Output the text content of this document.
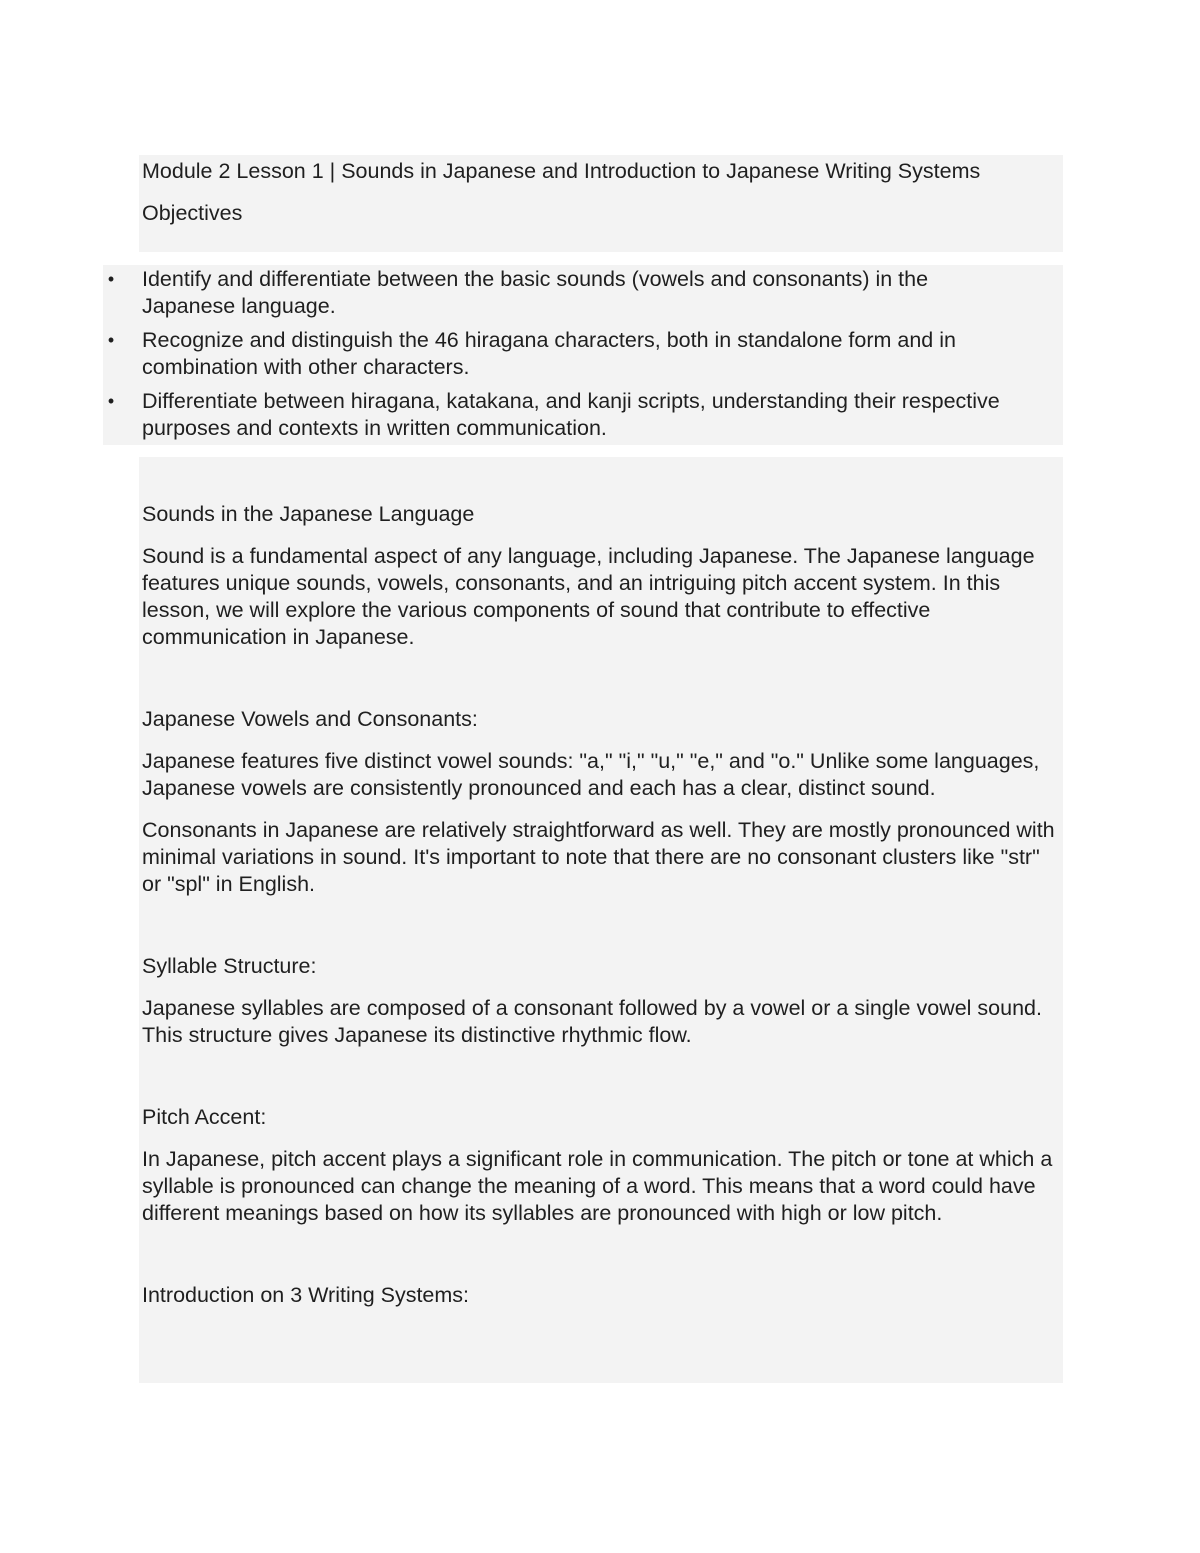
Module 2 Lesson 1 | Sounds in Japanese and Introduction to Japanese Writing Systems
Objectives
• Identify and differentiate between the basic sounds (vowels and consonants) in the Japanese language.
• Recognize and distinguish the 46 hiragana characters, both in standalone form and in combination with other characters.
• Differentiate between hiragana, katakana, and kanji scripts, understanding their respective purposes and contexts in written communication.
Sounds in the Japanese Language

Sound is a fundamental aspect of any language, including Japanese. The Japanese language features unique sounds, vowels, consonants, and an intriguing pitch accent system. In this lesson, we will explore the various components of sound that contribute to effective communication in Japanese.

Japanese Vowels and Consonants:

Japanese features five distinct vowel sounds: "a," "i," "u," "e," and "o." Unlike some languages, Japanese vowels are consistently pronounced and each has a clear, distinct sound.

Consonants in Japanese are relatively straightforward as well. They are mostly pronounced with minimal variations in sound. It's important to note that there are no consonant clusters like "str" or "spl" in English.

Syllable Structure:

Japanese syllables are composed of a consonant followed by a vowel or a single vowel sound. This structure gives Japanese its distinctive rhythmic flow.

Pitch Accent:

In Japanese, pitch accent plays a significant role in communication. The pitch or tone at which a syllable is pronounced can change the meaning of a word. This means that a word could have different meanings based on how its syllables are pronounced with high or low pitch.

Introduction on 3 Writing Systems:
